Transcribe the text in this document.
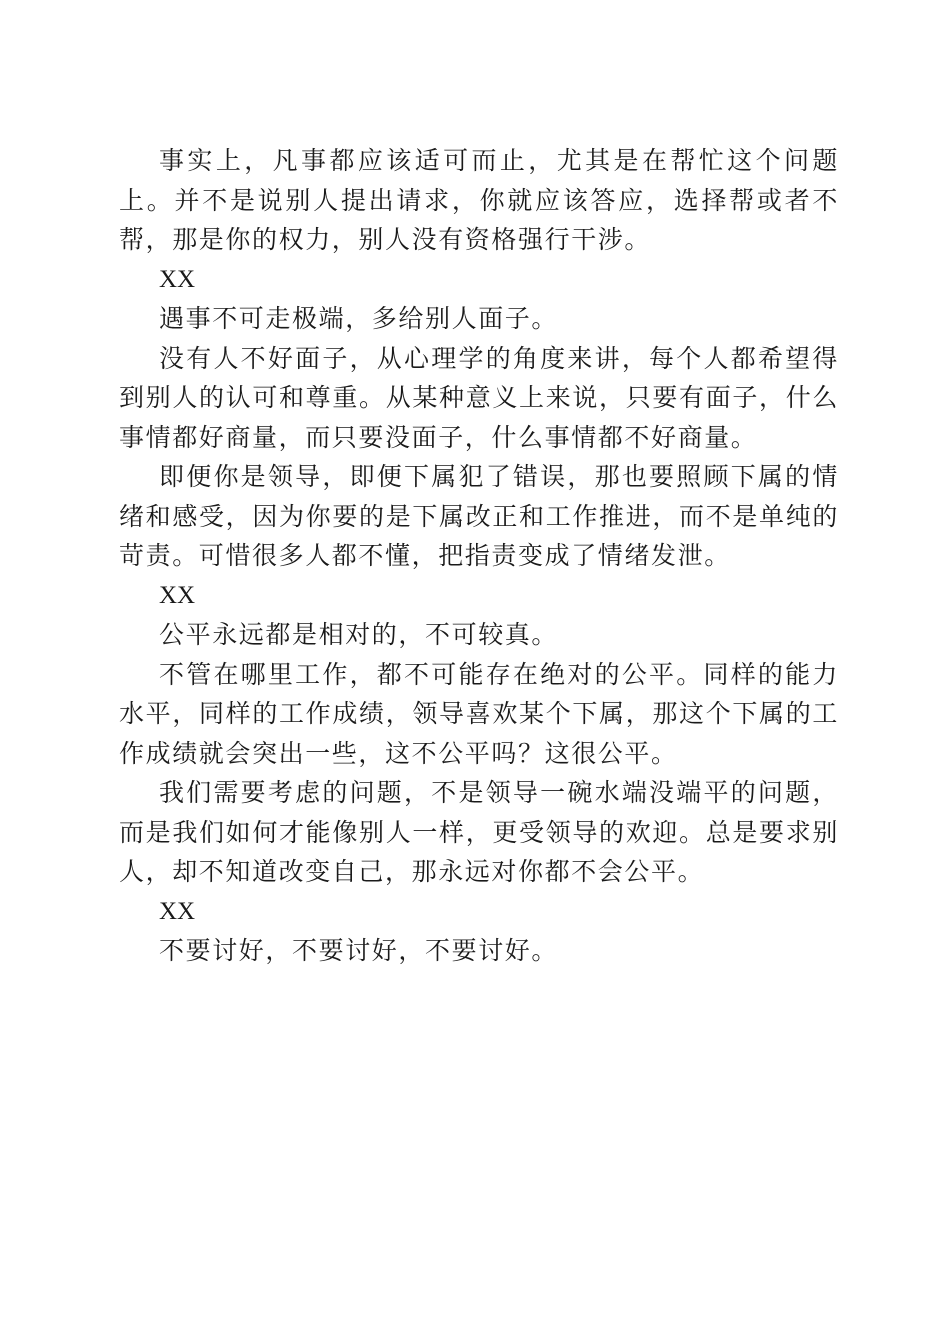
事实上，凡事都应该适可而止，尤其是在帮忙这个问题上。并不是说别人提出请求，你就应该答应，选择帮或者不帮，那是你的权力，别人没有资格强行干涉。

XX

遇事不可走极端，多给别人面子。

没有人不好面子，从心理学的角度来讲，每个人都希望得到别人的认可和尊重。从某种意义上来说，只要有面子，什么事情都好商量，而只要没面子，什么事情都不好商量。

即便你是领导，即便下属犯了错误，那也要照顾下属的情绪和感受，因为你要的是下属改正和工作推进，而不是单纯的苛责。可惜很多人都不懂，把指责变成了情绪发泄。

XX

公平永远都是相对的，不可较真。

不管在哪里工作，都不可能存在绝对的公平。同样的能力水平，同样的工作成绩，领导喜欢某个下属，那这个下属的工作成绩就会突出一些，这不公平吗？这很公平。

我们需要考虑的问题，不是领导一碗水端没端平的问题，而是我们如何才能像别人一样，更受领导的欢迎。总是要求别人，却不知道改变自己，那永远对你都不会公平。

XX

不要讨好，不要讨好，不要讨好。
